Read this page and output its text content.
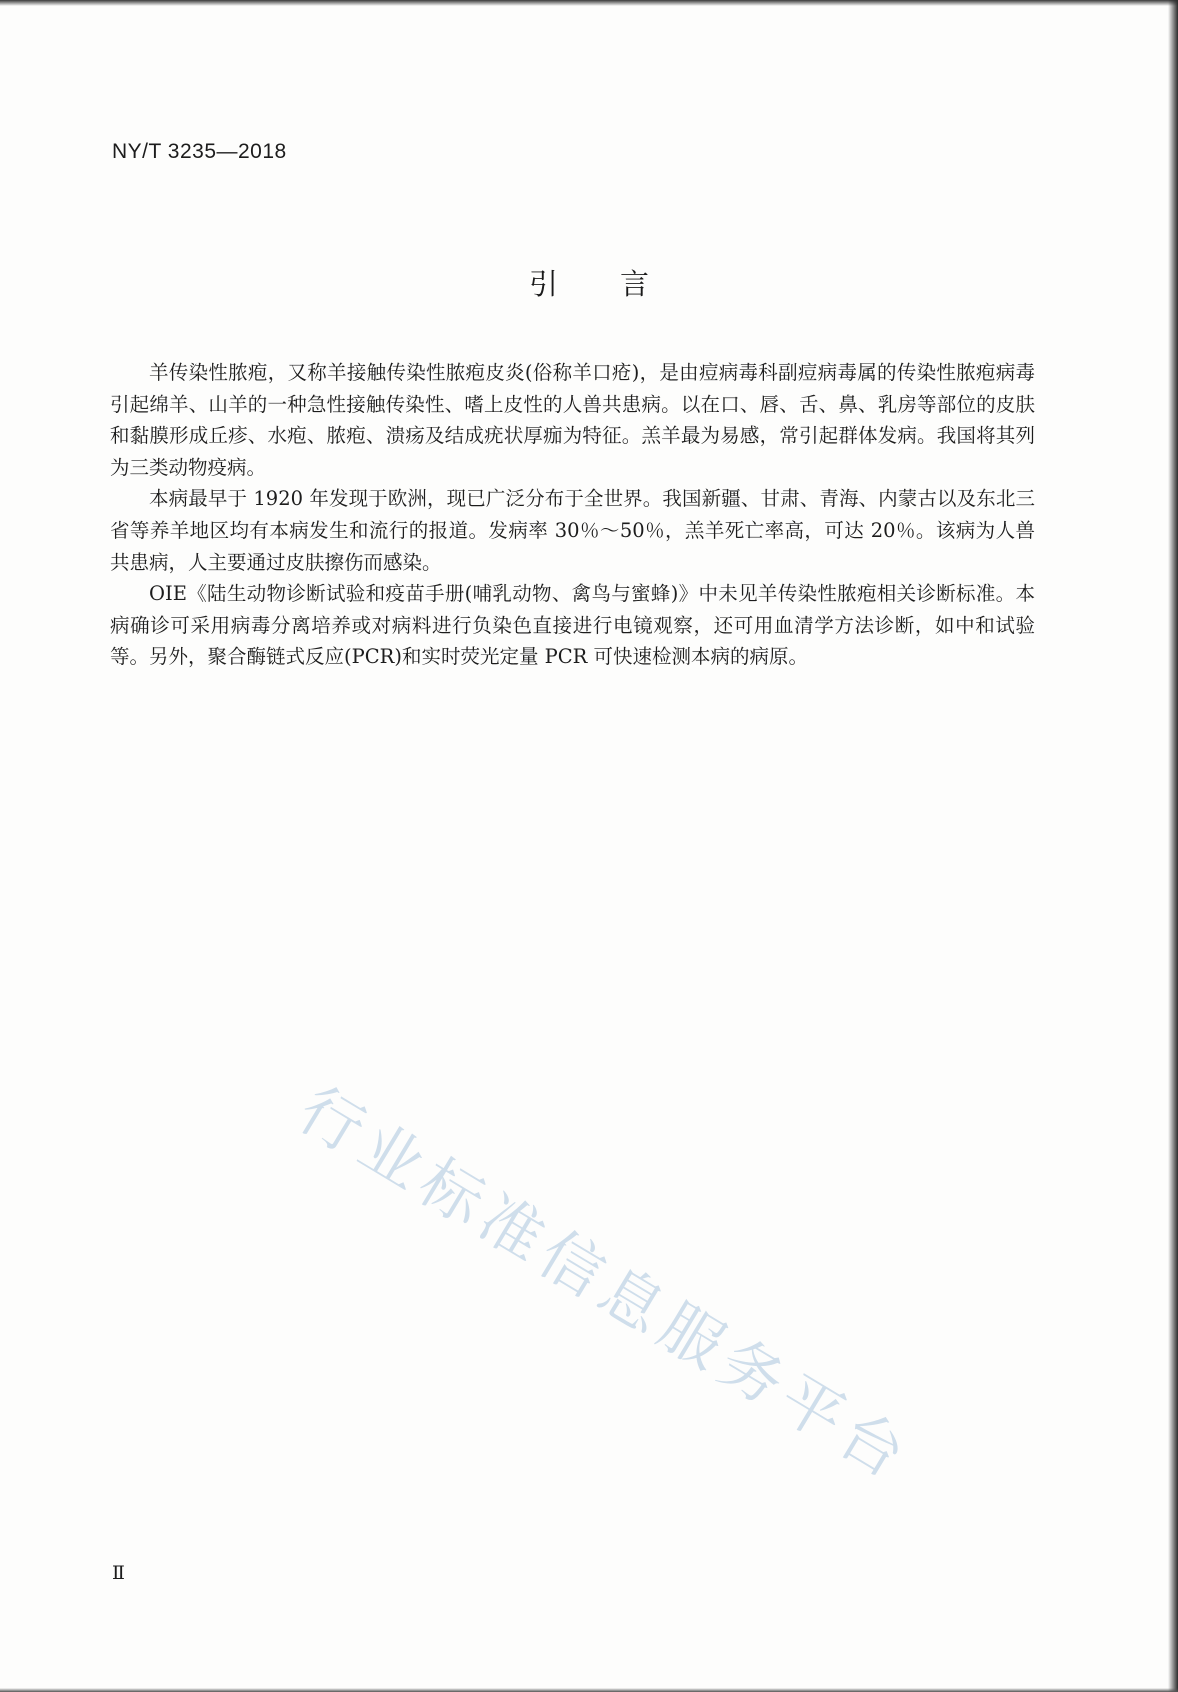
NY/T 3235—2018
引言

羊传染性脓疱，又称羊接触传染性脓疱皮炎(俗称羊口疮)，是由痘病毒科副痘病毒属的传染性脓疱病毒引起绵羊、山羊的一种急性接触传染性、嗜上皮性的人兽共患病。以在口、唇、舌、鼻、乳房等部位的皮肤和黏膜形成丘疹、水疱、脓疱、溃疡及结成疣状厚痂为特征。羔羊最为易感，常引起群体发病。我国将其列为三类动物疫病。

本病最早于 1920 年发现于欧洲，现已广泛分布于全世界。我国新疆、甘肃、青海、内蒙古以及东北三省等养羊地区均有本病发生和流行的报道。发病率 30％～50％，羔羊死亡率高，可达 20％。该病为人兽共患病，人主要通过皮肤擦伤而感染。

OIE《陆生动物诊断试验和疫苗手册(哺乳动物、禽鸟与蜜蜂)》中未见羊传染性脓疱相关诊断标准。本病确诊可采用病毒分离培养或对病料进行负染色直接进行电镜观察，还可用血清学方法诊断，如中和试验等。另外，聚合酶链式反应(PCR)和实时荧光定量 PCR 可快速检测本病的病原。

行业标准信息服务平台
Ⅱ
